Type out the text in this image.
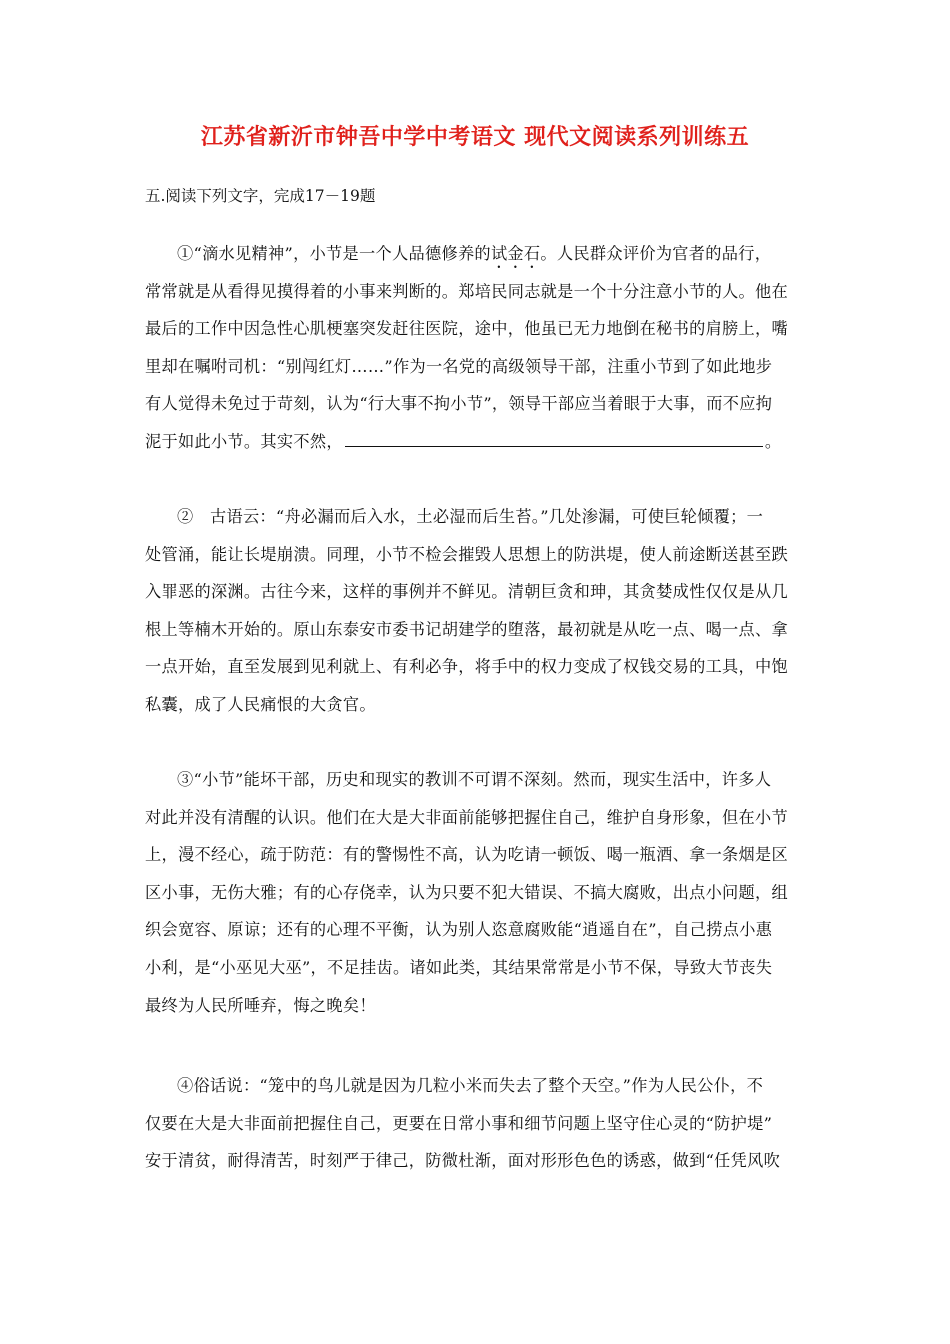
江苏省新沂市钟吾中学中考语文 现代文阅读系列训练五
五.阅读下列文字，完成17－19题
①“滴水见精神”，小节是一个人品德修养的试金石。人民群众评价为官者的品行，
常常就是从看得见摸得着的小事来判断的。郑培民同志就是一个十分注意小节的人。他在
最后的工作中因急性心肌梗塞突发赶往医院，途中，他虽已无力地倒在秘书的肩膀上，嘴
里却在嘱咐司机：“别闯红灯……”作为一名党的高级领导干部，注重小节到了如此地步
有人觉得未免过于苛刻，认为“行大事不拘小节”，领导干部应当着眼于大事，而不应拘
泥于如此小节。其实不然，	。
②　古语云：“舟必漏而后入水，土必湿而后生苔。”几处渗漏，可使巨轮倾覆；一
处管涌，能让长堤崩溃。同理，小节不检会摧毁人思想上的防洪堤，使人前途断送甚至跌
入罪恶的深渊。古往今来，这样的事例并不鲜见。清朝巨贪和珅，其贪婪成性仅仅是从几
根上等楠木开始的。原山东泰安市委书记胡建学的堕落，最初就是从吃一点、喝一点、拿
一点开始，直至发展到见利就上、有利必争，将手中的权力变成了权钱交易的工具，中饱
私囊，成了人民痛恨的大贪官。
③“小节”能坏干部，历史和现实的教训不可谓不深刻。然而，现实生活中，许多人
对此并没有清醒的认识。他们在大是大非面前能够把握住自己，维护自身形象，但在小节
上，漫不经心，疏于防范：有的警惕性不高，认为吃请一顿饭、喝一瓶酒、拿一条烟是区
区小事，无伤大雅；有的心存侥幸，认为只要不犯大错误、不搞大腐败，出点小问题，组
织会宽容、原谅；还有的心理不平衡，认为别人恣意腐败能“逍遥自在”，自己捞点小惠
小利，是“小巫见大巫”，不足挂齿。诸如此类，其结果常常是小节不保，导致大节丧失
最终为人民所唾弃，悔之晚矣！
④俗话说：“笼中的鸟儿就是因为几粒小米而失去了整个天空。”作为人民公仆，不
仅要在大是大非面前把握住自己，更要在日常小事和细节问题上坚守住心灵的“防护堤”
安于清贫，耐得清苦，时刻严于律己，防微杜渐，面对形形色色的诱惑，做到“任凭风吹
